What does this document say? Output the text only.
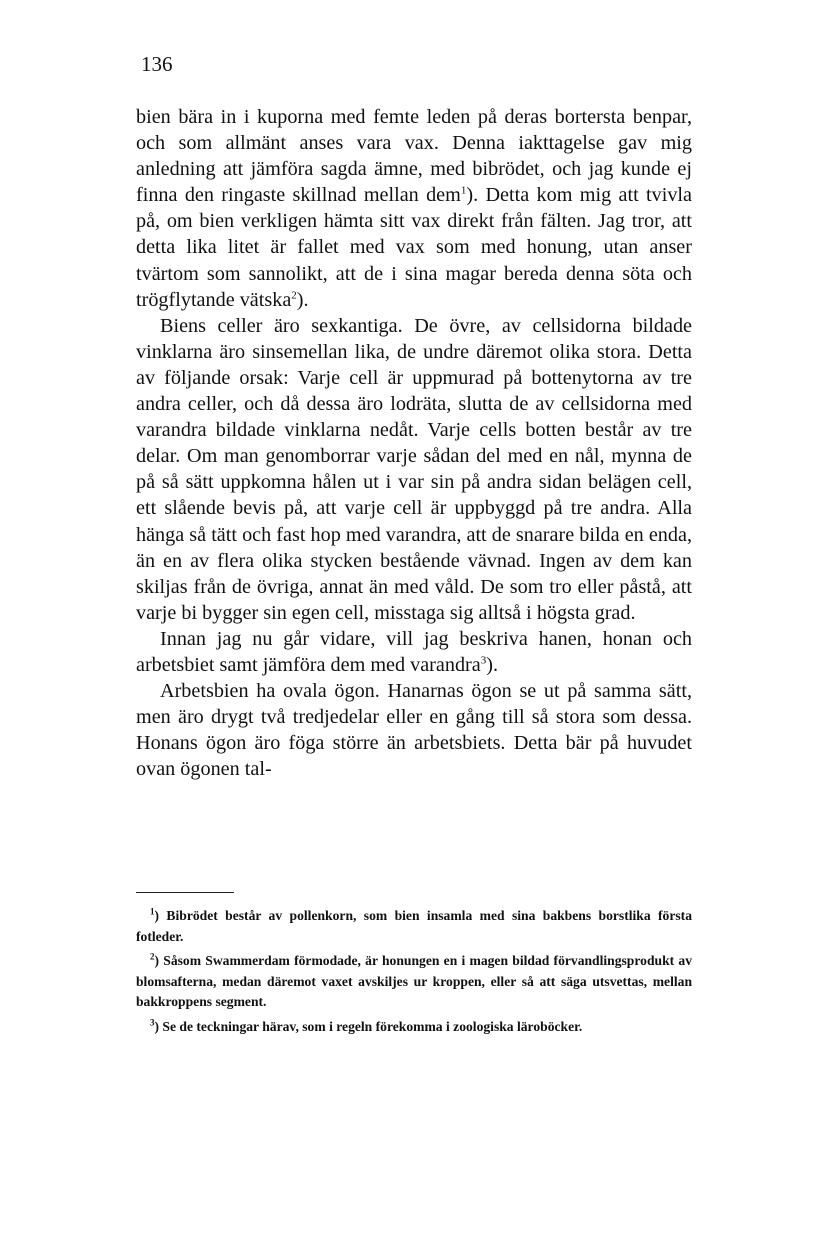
136

bien bära in i kuporna med femte leden på deras bortersta benpar, och som allmänt anses vara vax. Denna iakttagelse gav mig anledning att jämföra sagda ämne, med bibrödet, och jag kunde ej finna den ringaste skillnad mellan dem$^1$). Detta kom mig att tvivla på, om bien verkligen hämta sitt vax direkt från fälten. Jag tror, att detta lika litet är fallet med vax som med honung, utan anser tvärtom som sannolikt, att de i sina magar bereda denna söta och trögflytande vätska$^2$).

Biens celler äro sexkantiga. De övre, av cellsidorna bildade vinklarna äro sinsemellan lika, de undre däremot olika stora. Detta av följande orsak: Varje cell är uppmurad på bottenytorna av tre andra celler, och då dessa äro lodräta, slutta de av cellsidorna med varandra bildade vinklarna nedåt. Varje cells botten består av tre delar. Om man genomborrar varje sådan del med en nål, mynna de på så sätt uppkomna hålen ut i var sin på andra sidan belägen cell, ett slående bevis på, att varje cell är uppbyggd på tre andra. Alla hänga så tätt och fast hop med varandra, att de snarare bilda en enda, än en av flera olika stycken bestående vävnad. Ingen av dem kan skiljas från de övriga, annat än med våld. De som tro eller påstå, att varje bi bygger sin egen cell, misstaga sig alltså i högsta grad.

Innan jag nu går vidare, vill jag beskriva hanen, honan och arbetsbiet samt jämföra dem med varandra$^3$).

Arbetsbien ha ovala ögon. Hanarnas ögon se ut på samma sätt, men äro drygt två tredjedelar eller en gång till så stora som dessa. Honans ögon äro föga större än arbetsbiets. Detta bär på huvudet ovan ögonen tal-

$^1$) Bibrödet består av pollenkorn, som bien insamla med sina bakbens borstlika första fotleder.

$^2$) Såsom Swammerdam förmodade, är honungen en i magen bildad förvandlingsprodukt av blomsafterna, medan däremot vaxet avskiljes ur kroppen, eller så att säga utsvettas, mellan bakkroppens segment.

$^3$) Se de teckningar härav, som i regeln förekomma i zoologiska läroböcker.
